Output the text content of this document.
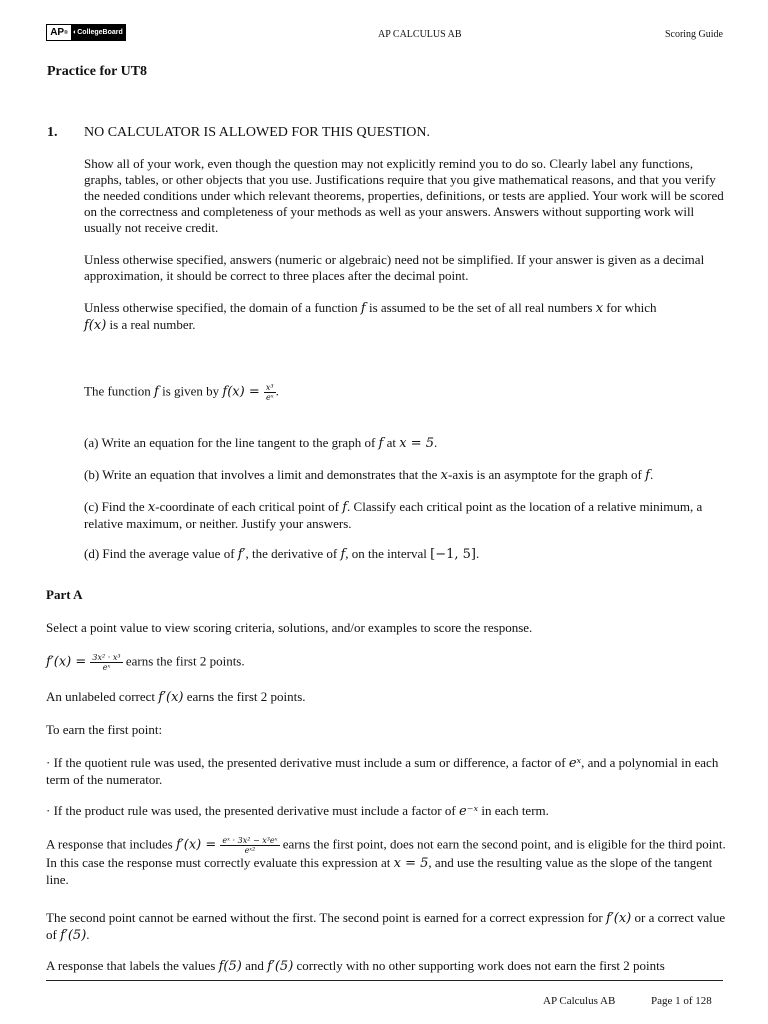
AP ® ◐ CollegeBoard	AP CALCULUS AB	Scoring Guide
Practice for UT8
1. NO CALCULATOR IS ALLOWED FOR THIS QUESTION.
Show all of your work, even though the question may not explicitly remind you to do so. Clearly label any functions, graphs, tables, or other objects that you use. Justifications require that you give mathematical reasons, and that you verify the needed conditions under which relevant theorems, properties, definitions, or tests are applied. Your work will be scored on the correctness and completeness of your methods as well as your answers. Answers without supporting work will usually not receive credit.
Unless otherwise specified, answers (numeric or algebraic) need not be simplified. If your answer is given as a decimal approximation, it should be correct to three places after the decimal point.
Unless otherwise specified, the domain of a function f is assumed to be the set of all real numbers x for which
f(x) is a real number.
The function f is given by $f(x) = \frac{\text{x³}}{\text{eˣ}}$ .
(a) Write an equation for the line tangent to the graph of f at x = 5.
(b) Write an equation that involves a limit and demonstrates that the x-axis is an asymptote for the graph of f.
(c) Find the x-coordinate of each critical point of f. Classify each critical point as the location of a relative minimum, a relative maximum, or neither. Justify your answers.
(d) Find the average value of f′, the derivative of f, on the interval [−1, 5].
Part A
Select a point value to view scoring criteria, solutions, and/or examples to score the response.
$f'(x) = \frac{\text{3x² · x³}}{\text{eˣ}}$ earns the first 2 points.
An unlabeled correct f′(x) earns the first 2 points.
To earn the first point:
· If the quotient rule was used, the presented derivative must include a sum or difference, a factor of eˣ, and a polynomial in each term of the numerator.
· If the product rule was used, the presented derivative must include a factor of e⁻ˣ in each term.
A response that includes $f'(x) = \frac{\text{eˣ · 3x² − x³eˣ}}{\text{eˣ²}}$ earns the first point, does not earn the second point, and is eligible for the third point. In this case the response must correctly evaluate this expression at x = 5, and use the resulting value as the slope of the tangent line.
The second point cannot be earned without the first. The second point is earned for a correct expression for f′(x) or a correct value of f′(5).
A response that labels the values f(5) and f′(5) correctly with no other supporting work does not earn the first 2 points
AP Calculus AB	Page 1 of 128
